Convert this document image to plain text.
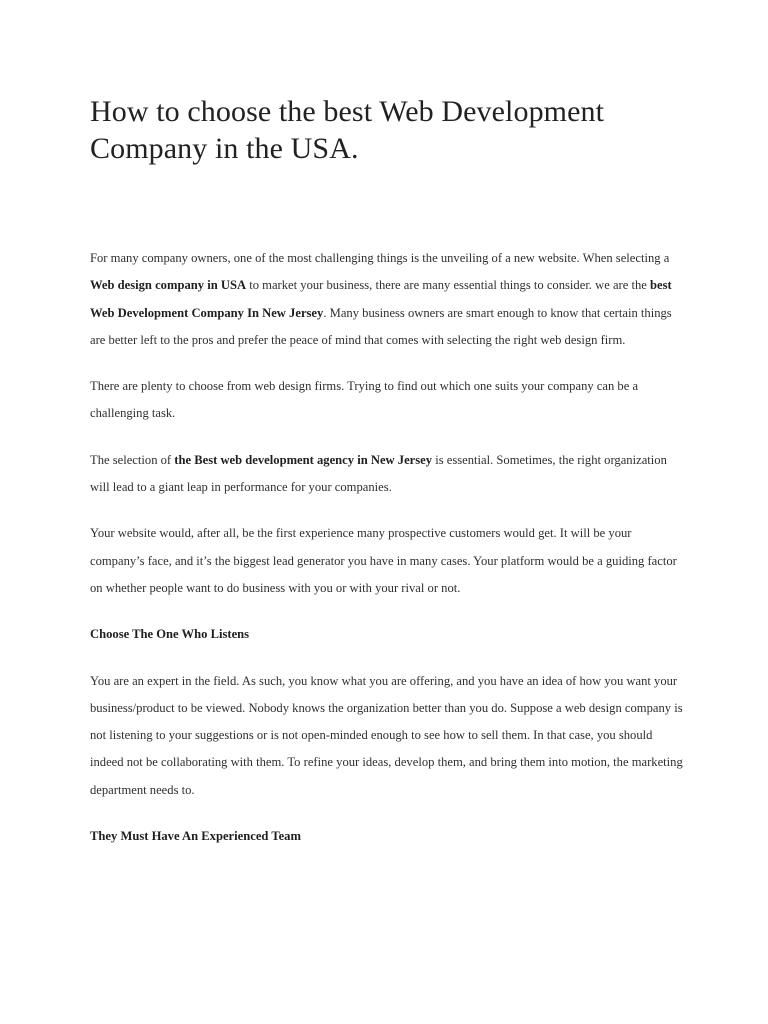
How to choose the best Web Development Company in the USA.

For many company owners, one of the most challenging things is the unveiling of a new website. When selecting a Web design company in USA to market your business, there are many essential things to consider. we are the best Web Development Company In New Jersey. Many business owners are smart enough to know that certain things are better left to the pros and prefer the peace of mind that comes with selecting the right web design firm.

There are plenty to choose from web design firms. Trying to find out which one suits your company can be a challenging task.

The selection of the Best web development agency in New Jersey is essential. Sometimes, the right organization will lead to a giant leap in performance for your companies.

Your website would, after all, be the first experience many prospective customers would get. It will be your company’s face, and it’s the biggest lead generator you have in many cases. Your platform would be a guiding factor on whether people want to do business with you or with your rival or not.

Choose The One Who Listens

You are an expert in the field. As such, you know what you are offering, and you have an idea of how you want your business/product to be viewed. Nobody knows the organization better than you do. Suppose a web design company is not listening to your suggestions or is not open-minded enough to see how to sell them. In that case, you should indeed not be collaborating with them. To refine your ideas, develop them, and bring them into motion, the marketing department needs to.

They Must Have An Experienced Team
